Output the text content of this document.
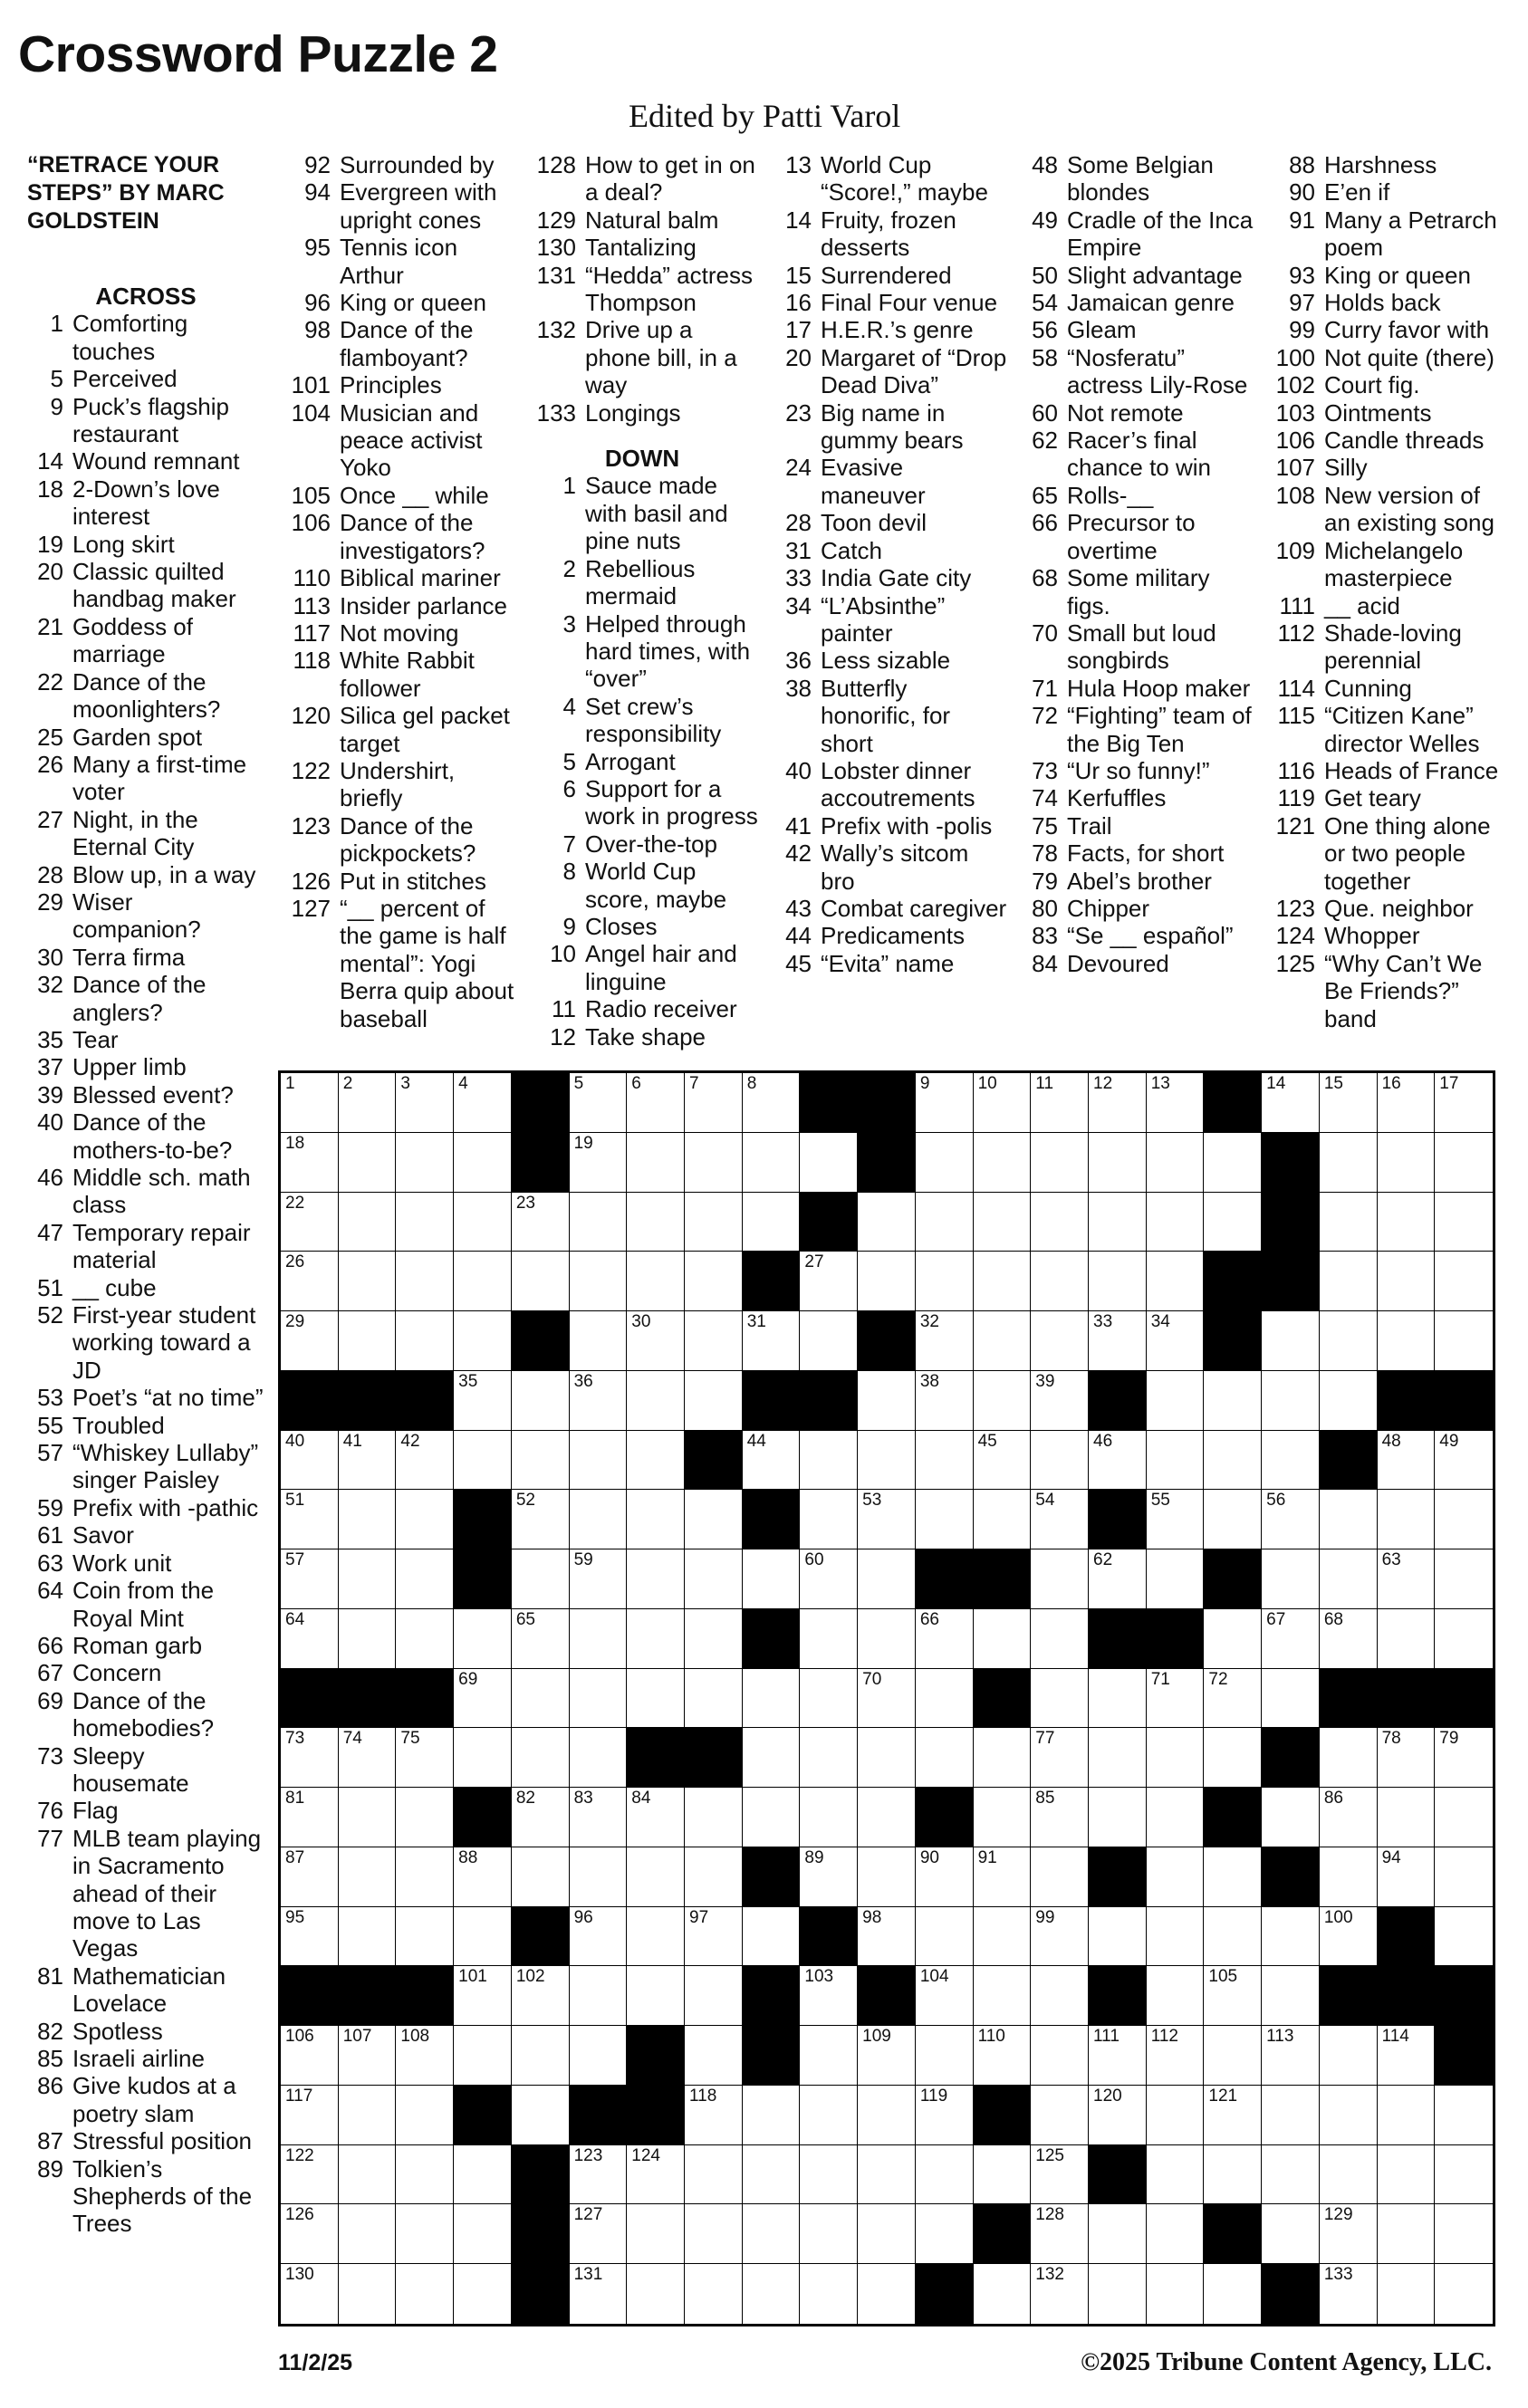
Crossword Puzzle 2
Edited by Patti Varol
“RETRACE YOUR STEPS” BY MARC GOLDSTEIN
ACROSS
1 Comforting touches
5 Perceived
9 Puck’s flagship restaurant
14 Wound remnant
18 2-Down’s love interest
19 Long skirt
20 Classic quilted handbag maker
21 Goddess of marriage
22 Dance of the moonlighters?
25 Garden spot
26 Many a first-time voter
27 Night, in the Eternal City
28 Blow up, in a way
29 Wiser companion?
30 Terra firma
32 Dance of the anglers?
35 Tear
37 Upper limb
39 Blessed event?
40 Dance of the mothers-to-be?
46 Middle sch. math class
47 Temporary repair material
51 __ cube
52 First-year student working toward a JD
53 Poet’s “at no time”
55 Troubled
57 “Whiskey Lullaby” singer Paisley
59 Prefix with -pathic
61 Savor
63 Work unit
64 Coin from the Royal Mint
66 Roman garb
67 Concern
69 Dance of the homebodies?
73 Sleepy housemate
76 Flag
77 MLB team playing in Sacramento ahead of their move to Las Vegas
81 Mathematician Lovelace
82 Spotless
85 Israeli airline
86 Give kudos at a poetry slam
87 Stressful position
89 Tolkien’s Shepherds of the Trees
92 Surrounded by
94 Evergreen with upright cones
95 Tennis icon Arthur
96 King or queen
98 Dance of the flamboyant?
101 Principles
104 Musician and peace activist Yoko
105 Once __ while
106 Dance of the investigators?
110 Biblical mariner
113 Insider parlance
117 Not moving
118 White Rabbit follower
120 Silica gel packet target
122 Undershirt, briefly
123 Dance of the pickpockets?
126 Put in stitches
127 “__ percent of the game is half mental”: Yogi Berra quip about baseball
128 How to get in on a deal?
129 Natural balm
130 Tantalizing
131 “Hedda” actress Thompson
132 Drive up a phone bill, in a way
133 Longings
DOWN
1 Sauce made with basil and pine nuts
2 Rebellious mermaid
3 Helped through hard times, with “over”
4 Set crew’s responsibility
5 Arrogant
6 Support for a work in progress
7 Over-the-top
8 World Cup score, maybe
9 Closes
10 Angel hair and linguine
11 Radio receiver
12 Take shape
13 World Cup “Score!,” maybe
14 Fruity, frozen desserts
15 Surrendered
16 Final Four venue
17 H.E.R.’s genre
20 Margaret of “Drop Dead Diva”
23 Big name in gummy bears
24 Evasive maneuver
28 Toon devil
31 Catch
33 India Gate city
34 “L’Absinthe” painter
36 Less sizable
38 Butterfly honorific, for short
40 Lobster dinner accoutrements
41 Prefix with -polis
42 Wally’s sitcom bro
43 Combat caregiver
44 Predicaments
45 “Evita” name
48 Some Belgian blondes
49 Cradle of the Inca Empire
50 Slight advantage
54 Jamaican genre
56 Gleam
58 “Nosferatu” actress Lily-Rose
60 Not remote
62 Racer’s final chance to win
65 Rolls-__
66 Precursor to overtime
68 Some military figs.
70 Small but loud songbirds
71 Hula Hoop maker
72 “Fighting” team of the Big Ten
73 “Ur so funny!”
74 Kerfuffles
75 Trail
78 Facts, for short
79 Abel’s brother
80 Chipper
83 “Se __ español”
84 Devoured
88 Harshness
90 E’en if
91 Many a Petrarch poem
93 King or queen
97 Holds back
99 Curry favor with
100 Not quite (there)
102 Court fig.
103 Ointments
106 Candle threads
107 Silly
108 New version of an existing song
109 Michelangelo masterpiece
111 __ acid
112 Shade-loving perennial
114 Cunning
115 “Citizen Kane” director Welles
116 Heads of France
119 Get teary
121 One thing alone or two people together
123 Que. neighbor
124 Whopper
125 “Why Can’t We Be Friends?” band
1	2	3	4	5	6	7	8	9	10 11 12 13	14 15 16 17
18	19
22	23
26	27
29	30	31	32	33 34
35	36	38	39
40 41 42	44	45	46	48 49
51	52	53	54	55	56
57	59	60	62	63
64	65	66	67 68
69	70	71 72
73 74 75	77	78 79
81	82 83 84	85	86
87	88	89	90 91	94
95	96	97	98	99	100
101 102	103	104	105
106 107 108	109	110	111 112	113	114
117	118	119	120	121
122	123 124	125
126	127	128	129
130	131	132	133
11/2/25	©2025 Tribune Content Agency, LLC.
